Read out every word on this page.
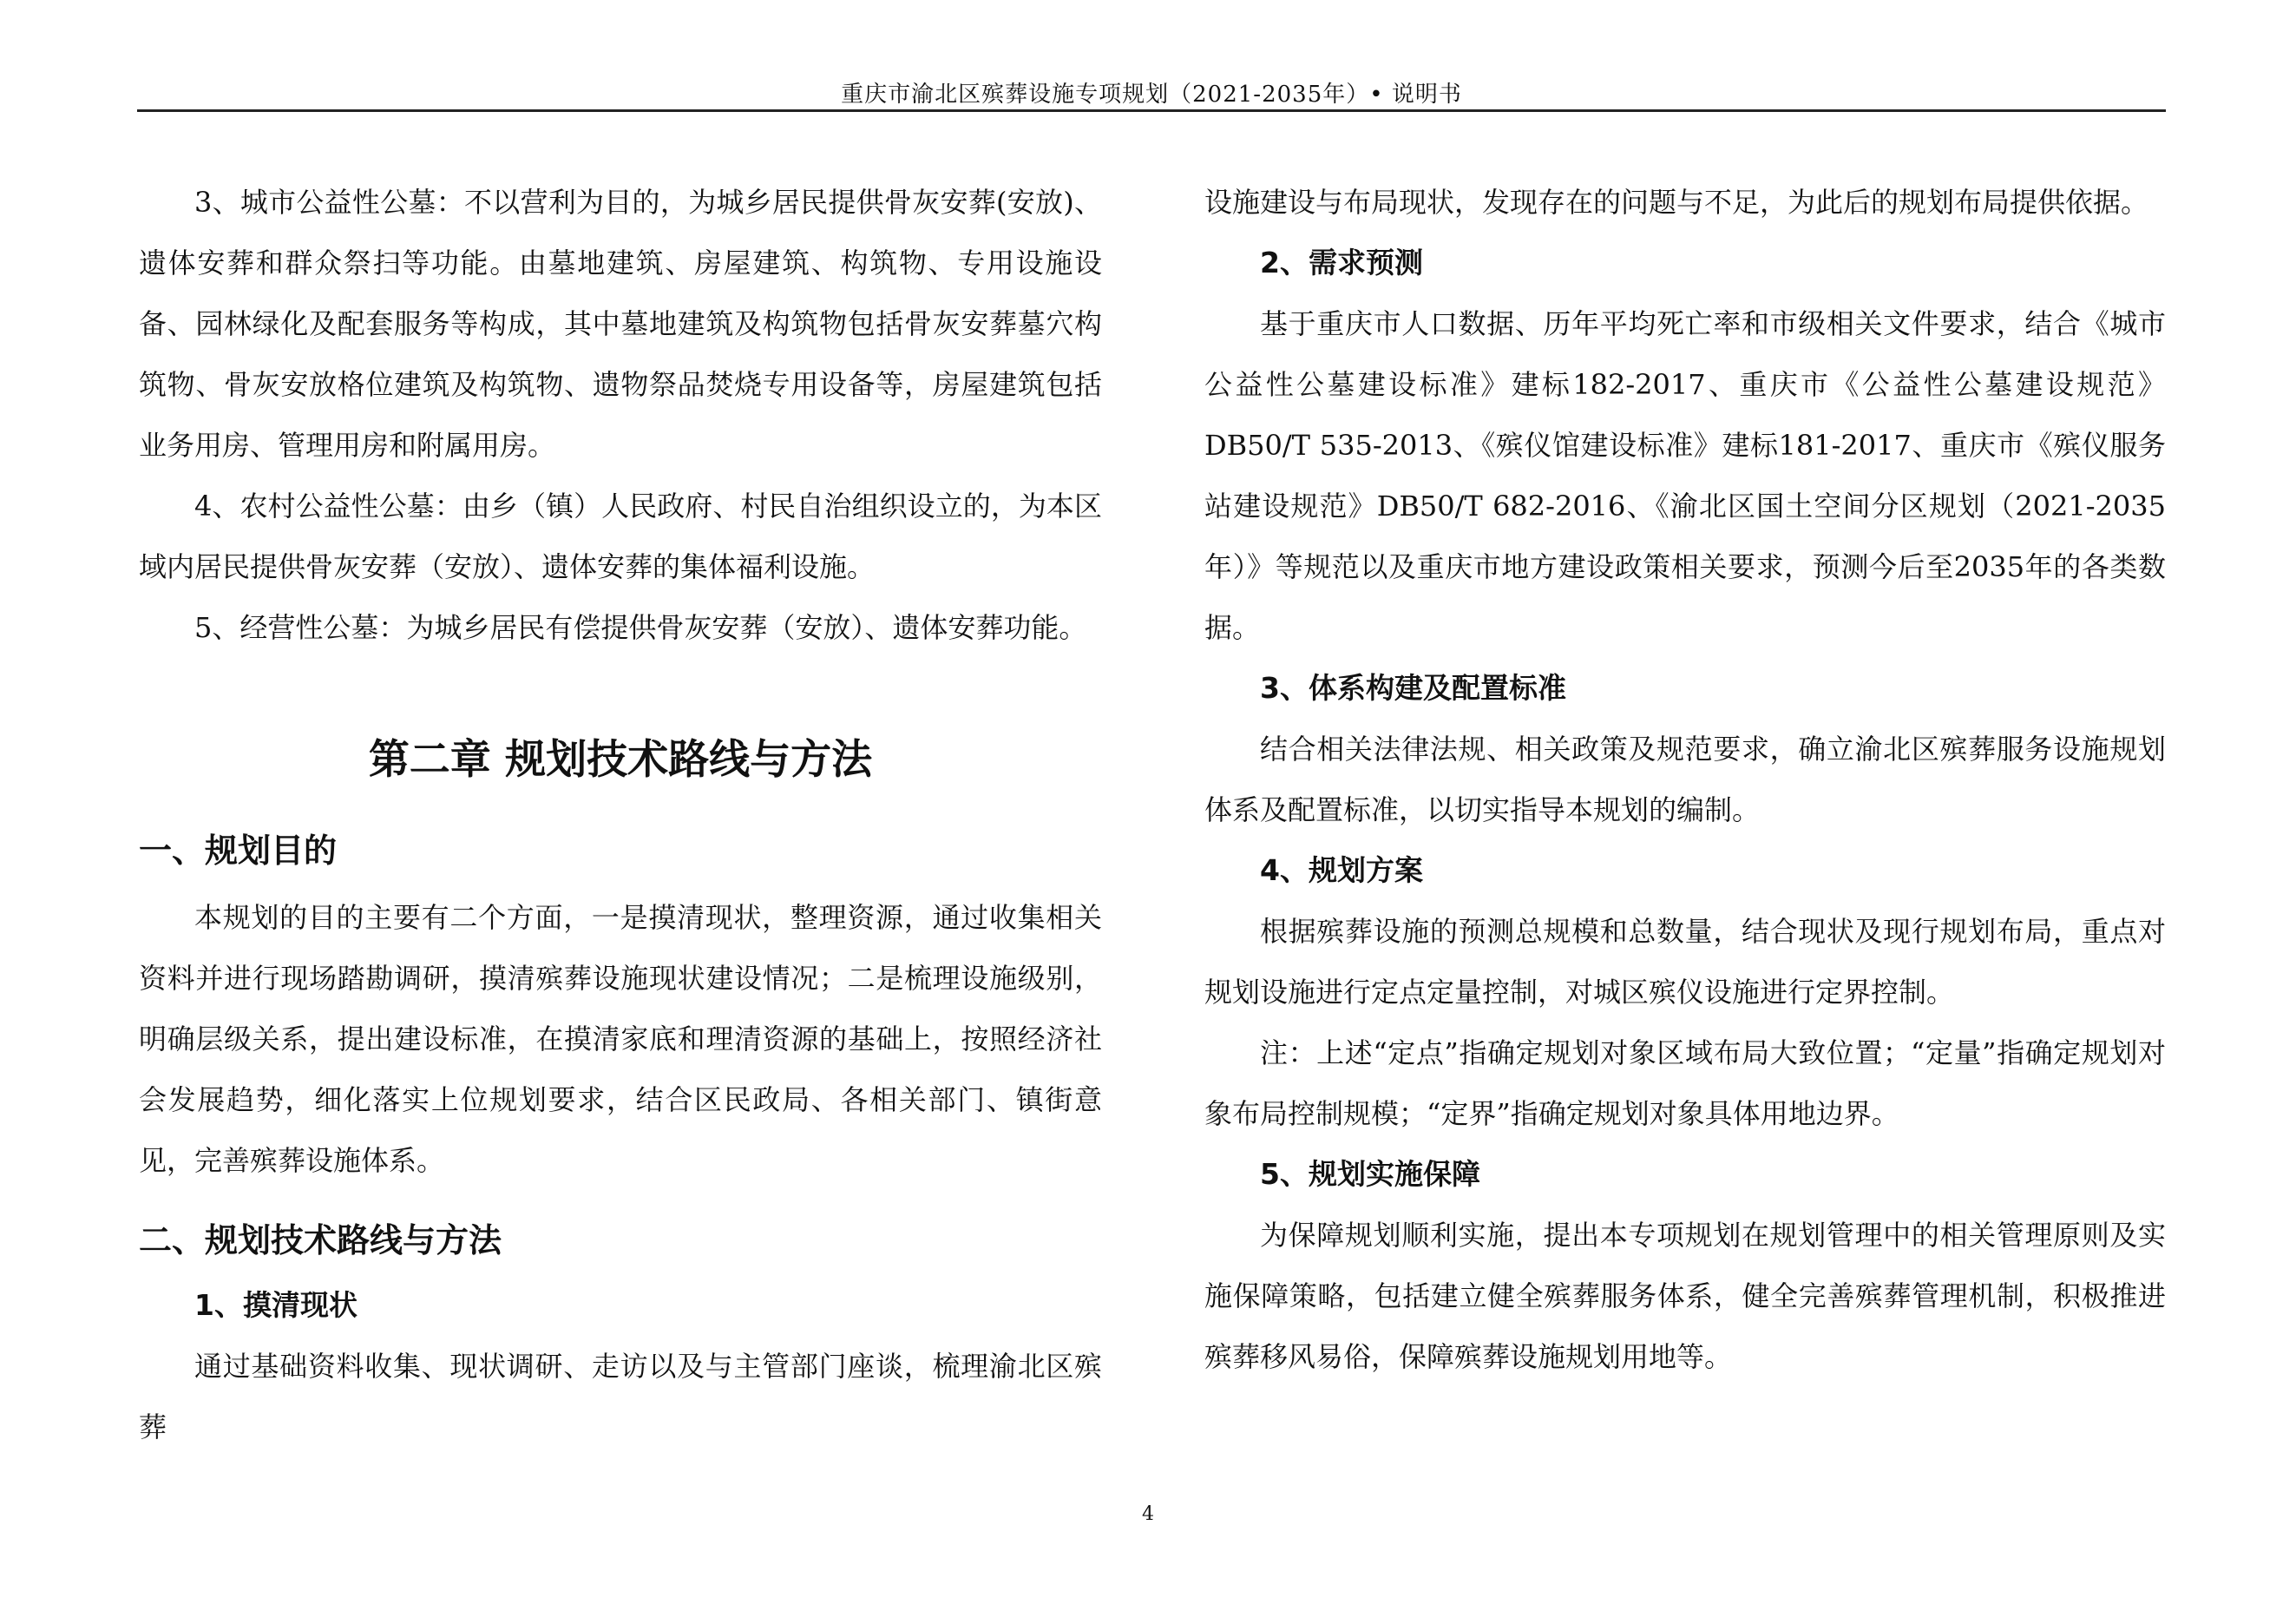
重庆市渝北区殡葬设施专项规划（2021-2035年）• 说明书

3、城市公益性公墓：不以营利为目的，为城乡居民提供骨灰安葬(安放)、遗体安葬和群众祭扫等功能。由墓地建筑、房屋建筑、构筑物、专用设施设备、园林绿化及配套服务等构成，其中墓地建筑及构筑物包括骨灰安葬墓穴构筑物、骨灰安放格位建筑及构筑物、遗物祭品焚烧专用设备等，房屋建筑包括业务用房、管理用房和附属用房。

4、农村公益性公墓：由乡（镇）人民政府、村民自治组织设立的，为本区域内居民提供骨灰安葬（安放）、遗体安葬的集体福利设施。

5、经营性公墓：为城乡居民有偿提供骨灰安葬（安放）、遗体安葬功能。

第二章 规划技术路线与方法
一、规划目的

本规划的目的主要有二个方面，一是摸清现状，整理资源，通过收集相关资料并进行现场踏勘调研，摸清殡葬设施现状建设情况；二是梳理设施级别，明确层级关系，提出建设标准，在摸清家底和理清资源的基础上，按照经济社会发展趋势，细化落实上位规划要求，结合区民政局、各相关部门、镇街意见，完善殡葬设施体系。

二、规划技术路线与方法
1、摸清现状

通过基础资料收集、现状调研、走访以及与主管部门座谈，梳理渝北区殡葬

设施建设与布局现状，发现存在的问题与不足，为此后的规划布局提供依据。

2、需求预测

基于重庆市人口数据、历年平均死亡率和市级相关文件要求，结合《城市公益性公墓建设标准》建标182-2017、重庆市《公益性公墓建设规范》DB50/T 535-2013、《殡仪馆建设标准》建标181-2017、重庆市《殡仪服务站建设规范》DB50/T 682-2016、《渝北区国土空间分区规划（2021-2035年）》等规范以及重庆市地方建设政策相关要求，预测今后至2035年的各类数据。

3、体系构建及配置标准

结合相关法律法规、相关政策及规范要求，确立渝北区殡葬服务设施规划体系及配置标准，以切实指导本规划的编制。

4、规划方案

根据殡葬设施的预测总规模和总数量，结合现状及现行规划布局，重点对规划设施进行定点定量控制，对城区殡仪设施进行定界控制。

注：上述“定点”指确定规划对象区域布局大致位置；“定量”指确定规划对象布局控制规模；“定界”指确定规划对象具体用地边界。

5、规划实施保障

为保障规划顺利实施，提出本专项规划在规划管理中的相关管理原则及实施保障策略，包括建立健全殡葬服务体系，健全完善殡葬管理机制，积极推进殡葬移风易俗，保障殡葬设施规划用地等。

4
